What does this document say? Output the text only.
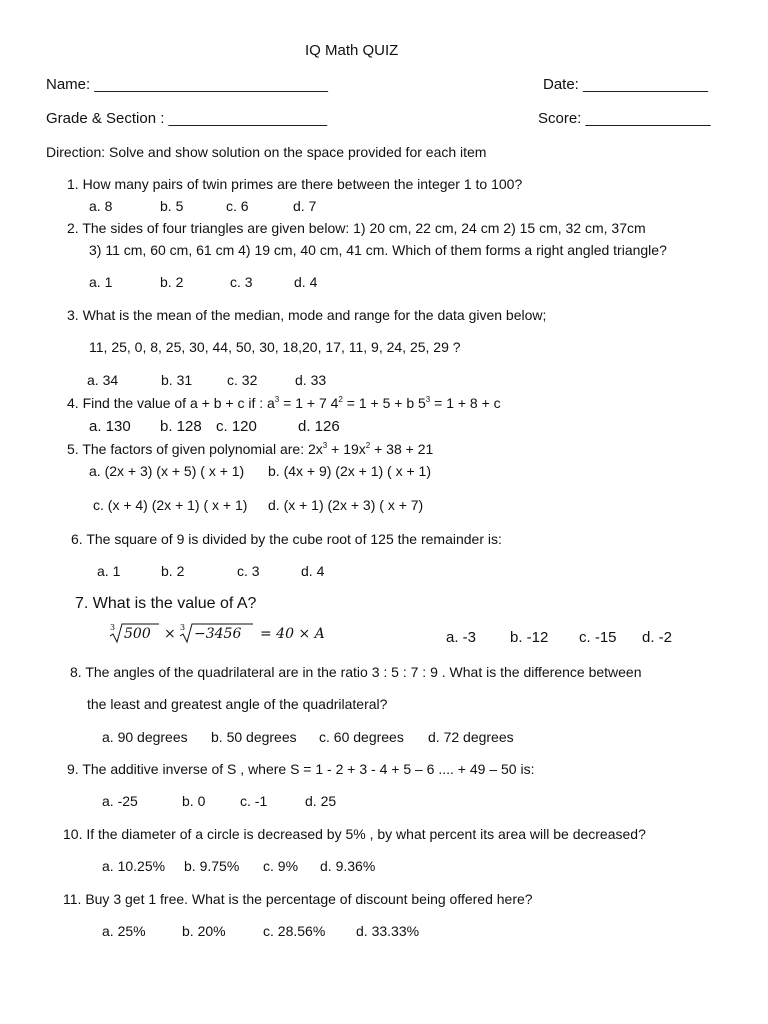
IQ Math QUIZ
Name: ____________________________	Date: _______________
Grade & Section : ___________________	Score: _______________
Direction: Solve and show solution on the space provided for each item
1. How many pairs of twin primes are there between the integer 1 to 100?
a. 8	b. 5	c. 6	d. 7
2. The sides of four triangles are given below: 1) 20 cm, 22 cm, 24 cm 2) 15 cm, 32 cm, 37cm
3) 11 cm, 60 cm, 61 cm 4) 19 cm, 40 cm, 41 cm. Which of them forms a right angled triangle?
a. 1	b. 2	c. 3	d. 4
3. What is the mean of the median, mode and range for the data given below;
11, 25, 0, 8, 25, 30, 44, 50, 30, 18,20, 17, 11, 9, 24, 25, 29 ?
a. 34	b. 31 c. 32	d. 33
4. Find the value of a + b + c if : $a^3 = 1 + 7$ $4^2 = 1 + 5 + b$ $5^3 = 1 + 8 + c$
a. 130 b. 128 c. 120	d. 126
5. The factors of given polynomial are: $2x^3 + 19x^2 + 38 + 21$
a. (2x + 3) (x + 5) ( x + 1) b. (4x + 9) (2x + 1) ( x + 1)
c. (x + 4) (2x + 1) ( x + 1) d. (x + 1) (2x + 3) ( x + 7)
6. The square of 9 is divided by the cube root of 125 the remainder is:
a. 1	b. 2	c. 3	d. 4
7. What is the value of A?
3 500 × 3 −3456 = 40 × A	a. -3 b. -12 c. -15 d. -2
8. The angles of the quadrilateral are in the ratio 3 : 5 : 7 : 9 . What is the difference between
the least and greatest angle of the quadrilateral?
a. 90 degrees b. 50 degrees c. 60 degrees d. 72 degrees
9. The additive inverse of S , where S = 1 - 2 + 3 - 4 + 5 – 6 .... + 49 – 50 is:
a. -25	b. 0 c. -1	d. 25
10. If the diameter of a circle is decreased by 5% , by what percent its area will be decreased?
a. 10.25% b. 9.75% c. 9% d. 9.36%
11. Buy 3 get 1 free. What is the percentage of discount being offered here?
a. 25%	b. 20%	c. 28.56% d. 33.33%
